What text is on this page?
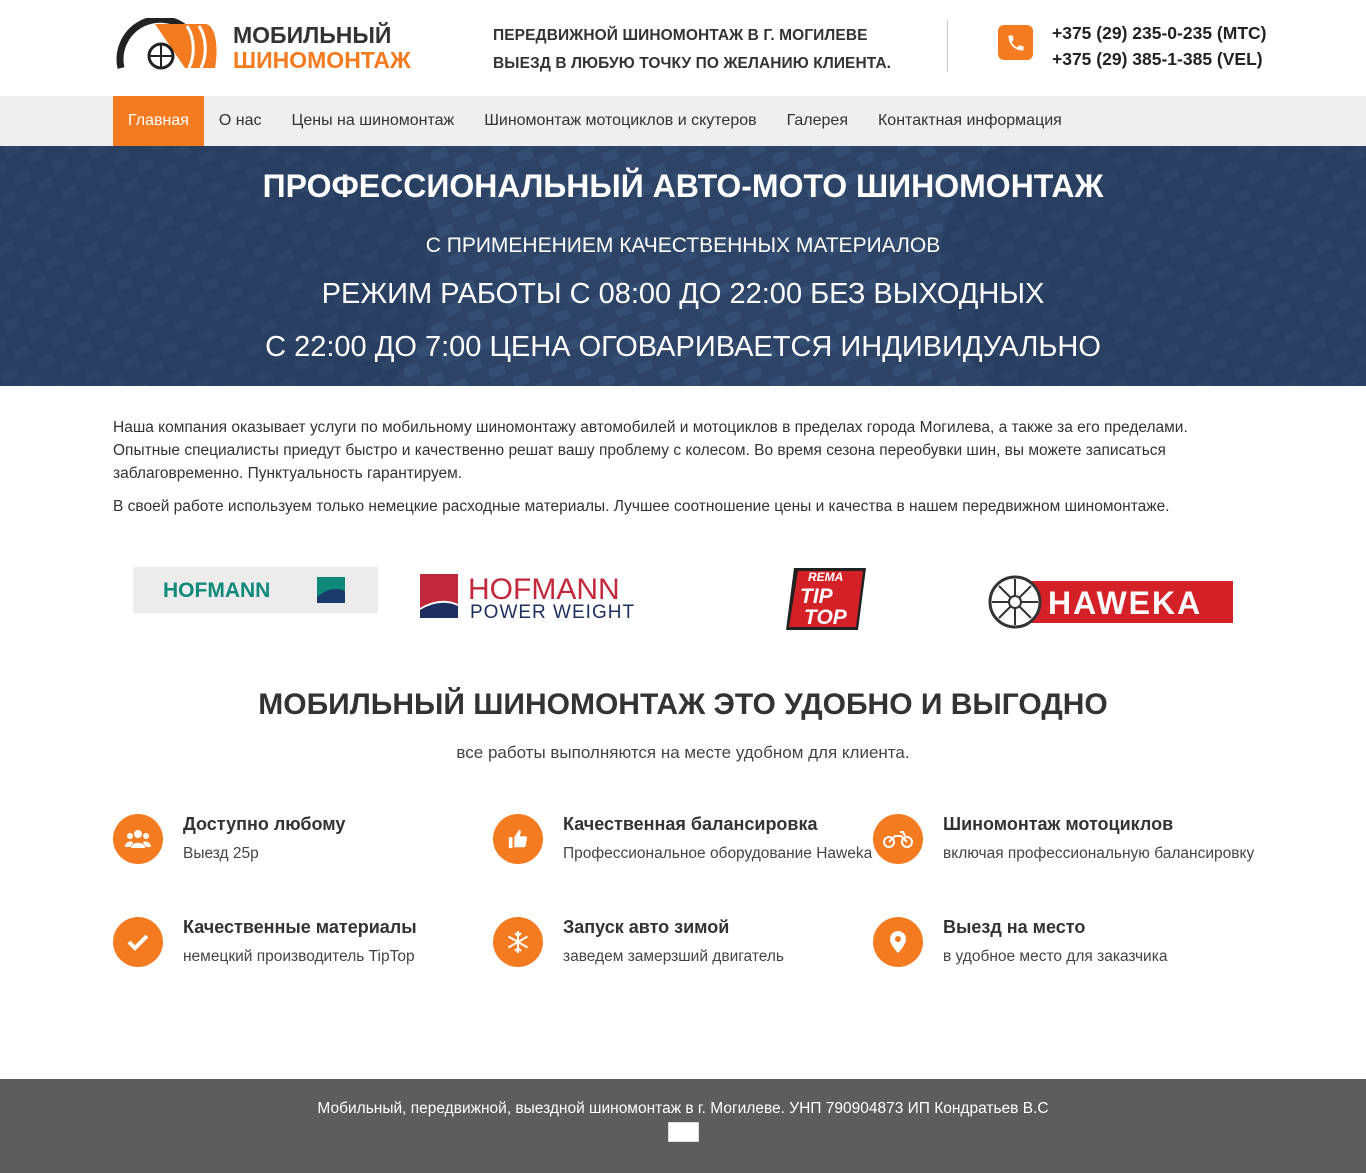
МОБИЛЬНЫЙ
ШИНОМОНТАЖ
ПЕРЕДВИЖНОЙ ШИНОМОНТАЖ В Г. МОГИЛЕВЕ
ВЫЕЗД В ЛЮБУЮ ТОЧКУ ПО ЖЕЛАНИЮ КЛИЕНТА.
+375 (29) 235-0-235 (МТС)
+375 (29) 385-1-385 (VEL)
Главная	О нас	Цены на шиномонтаж	Шиномонтаж мотоциклов и скутеров	Галерея	Контактная информация
ПРОФЕССИОНАЛЬНЫЙ АВТО-МОТО ШИНОМОНТАЖ
С ПРИМЕНЕНИЕМ КАЧЕСТВЕННЫХ МАТЕРИАЛОВ
РЕЖИМ РАБОТЫ С 08:00 ДО 22:00 БЕЗ ВЫХОДНЫХ
С 22:00 ДО 7:00 ЦЕНА ОГОВАРИВАЕТСЯ ИНДИВИДУАЛЬНО

Наша компания оказывает услуги по мобильному шиномонтажу автомобилей и мотоциклов в пределах города Могилева, а также за его пределами. Опытные специалисты приедут быстро и качественно решат вашу проблему с колесом. Во время сезона переобувки шин, вы можете записаться заблаговременно. Пунктуальность гарантируем.

В своей работе используем только немецкие расходные материалы. Лучшее соотношение цены и качества в нашем передвижном шиномонтаже.

HOFMANN	HOFMANN
POWER WEIGHT
REMA
TIP
TOP	HAWEKA
МОБИЛЬНЫЙ ШИНОМОНТАЖ ЭТО УДОБНО И ВЫГОДНО
все работы выполняются на месте удобном для клиента.
Доступно любому
Выезд 25р
Качественная балансировка
Профессиональное оборудование Haweka
Шиномонтаж мотоциклов
включая профессиональную балансировку
Качественные материалы
немецкий производитель TipTop
Запуск авто зимой
заведем замерзший двигатель
Выезд на место
в удобное место для заказчика
Мобильный, передвижной, выездной шиномонтаж в г. Могилеве. УНП 790904873 ИП Кондратьев В.С
